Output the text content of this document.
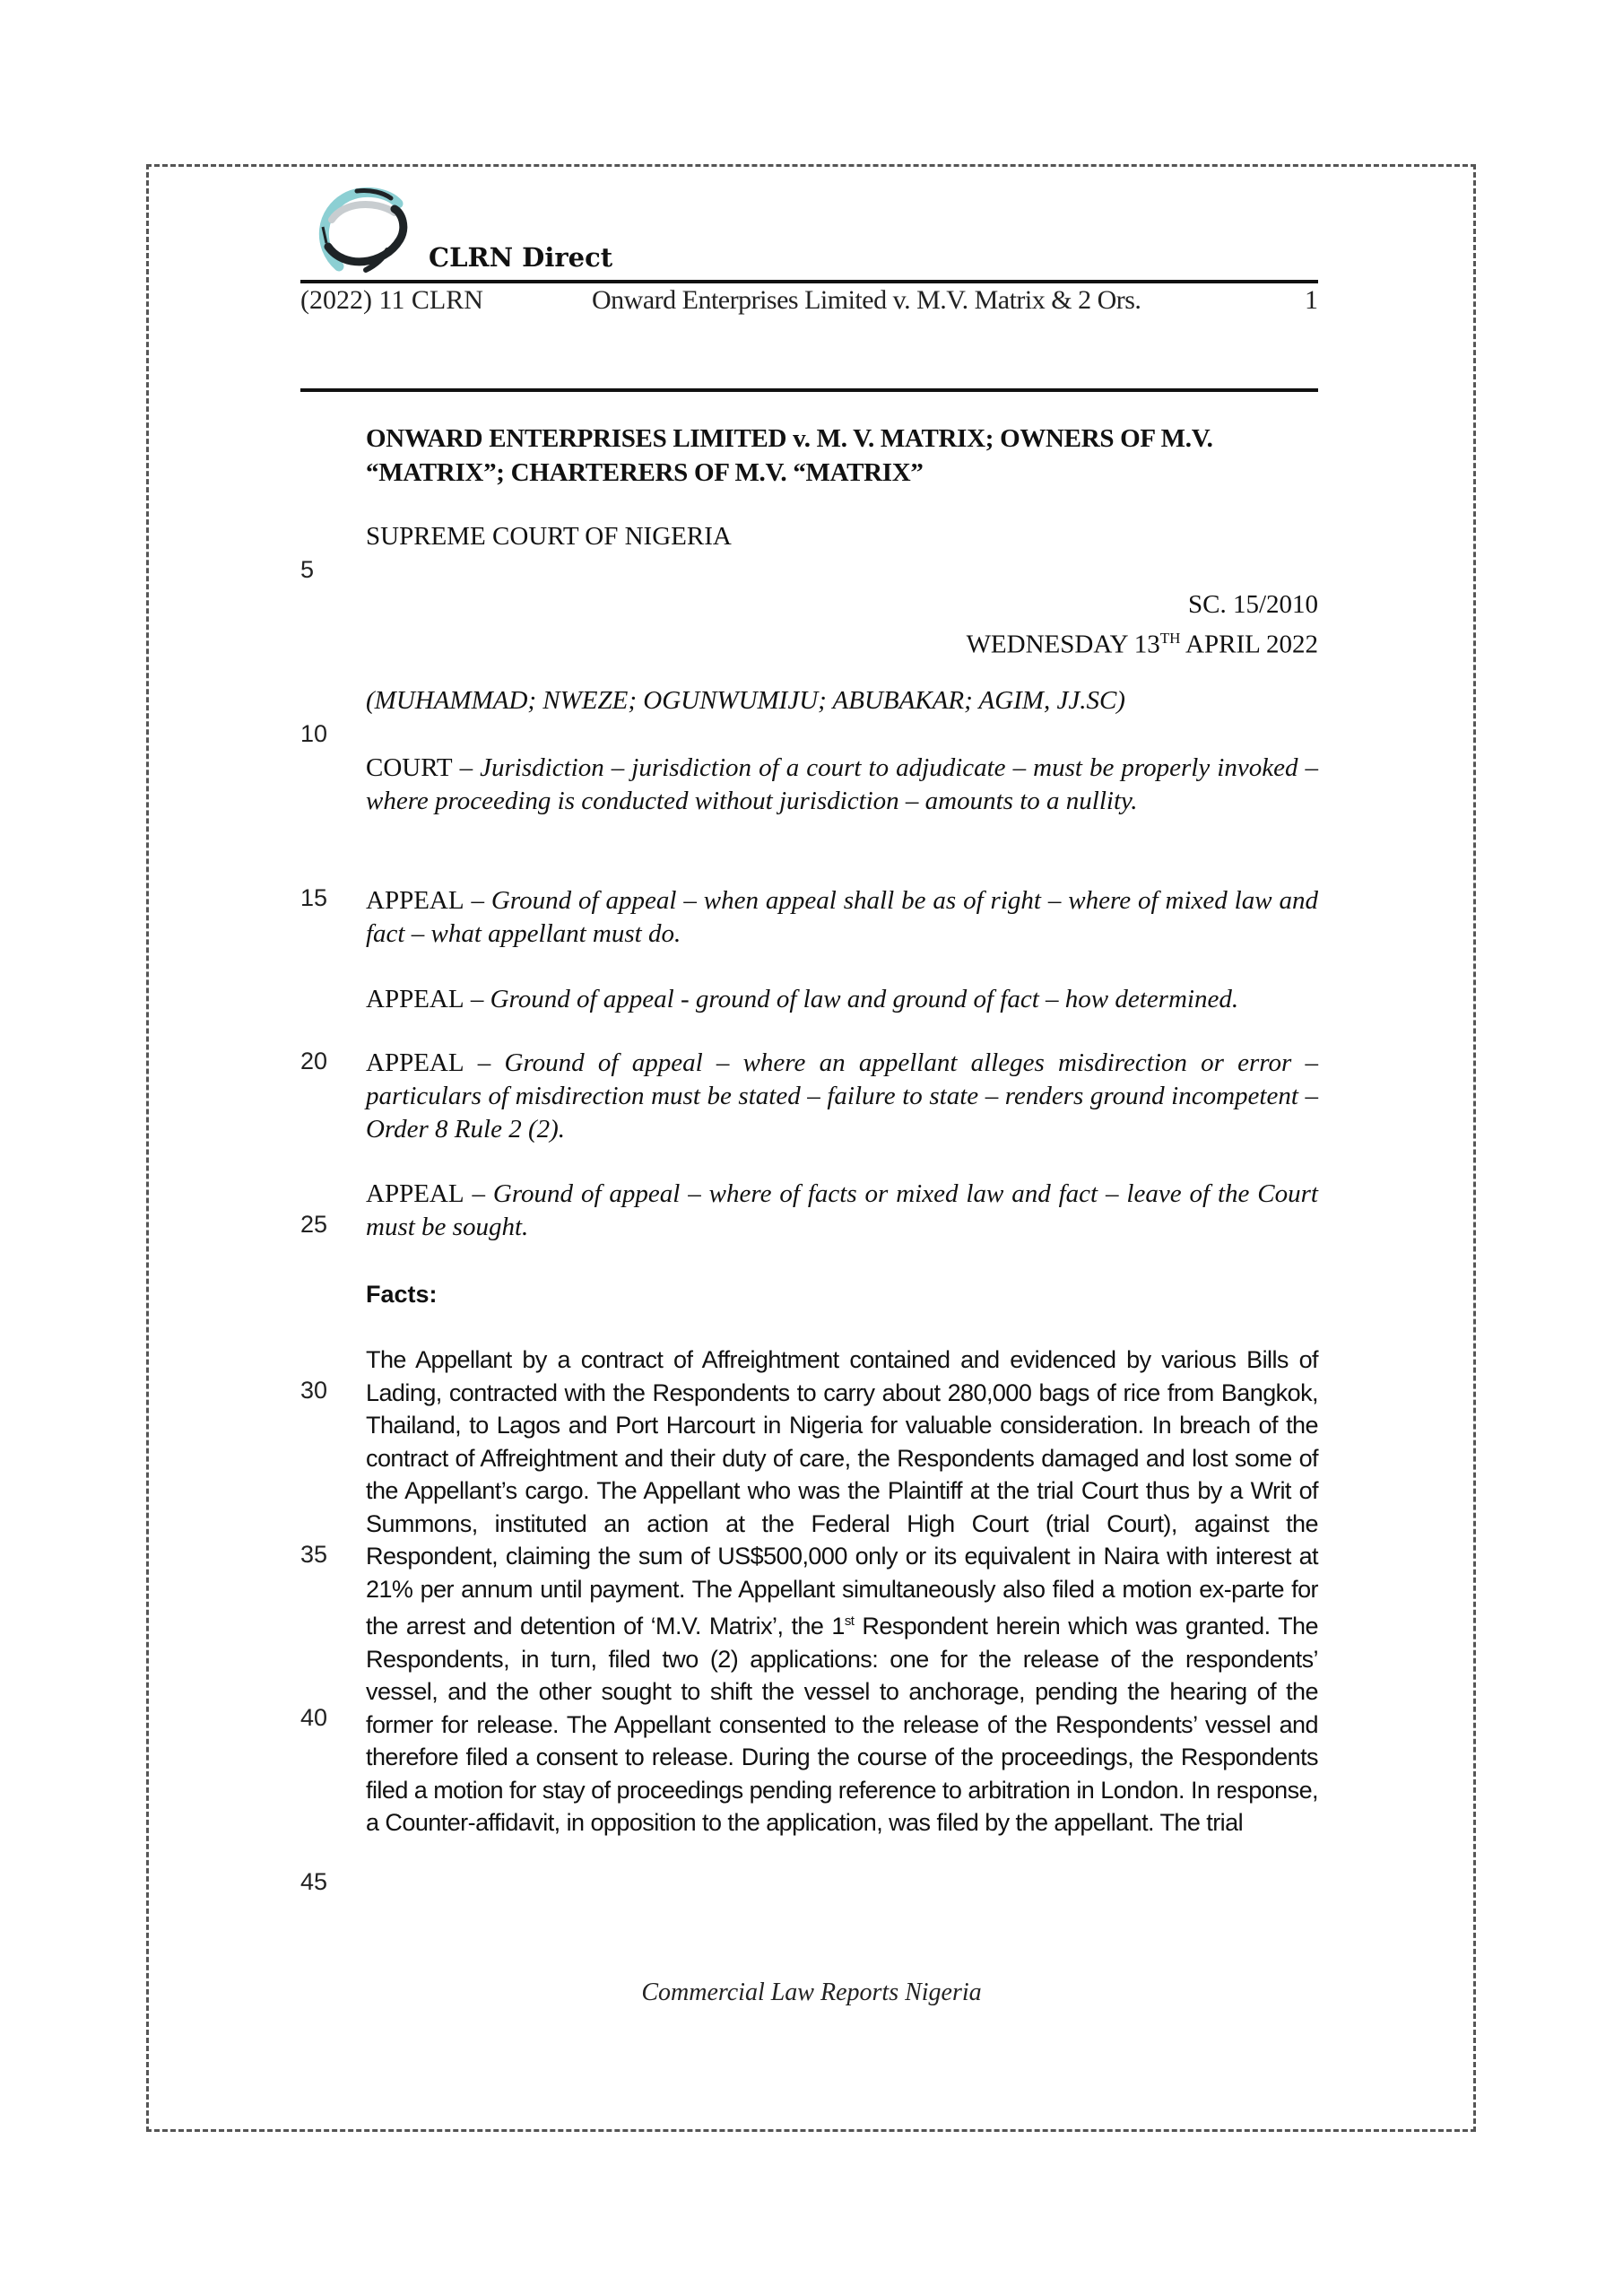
CLRN Direct
(2022) 11 CLRN	Onward Enterprises Limited v. M.V. Matrix & 2 Ors.	1
ONWARD ENTERPRISES LIMITED v. M. V. MATRIX; OWNERS OF M.V. “MATRIX”; CHARTERERS OF M.V. “MATRIX”
SUPREME COURT OF NIGERIA
SC. 15/2010
WEDNESDAY 13TH APRIL 2022
(MUHAMMAD; NWEZE; OGUNWUMIJU; ABUBAKAR; AGIM, JJ.SC)
COURT – Jurisdiction – jurisdiction of a court to adjudicate – must be properly invoked – where proceeding is conducted without jurisdiction – amounts to a nullity.
APPEAL – Ground of appeal – when appeal shall be as of right – where of mixed law and fact – what appellant must do.
APPEAL – Ground of appeal - ground of law and ground of fact – how determined.
APPEAL – Ground of appeal – where an appellant alleges misdirection or error – particulars of misdirection must be stated – failure to state – renders ground incompetent – Order 8 Rule 2 (2).
APPEAL – Ground of appeal – where of facts or mixed law and fact – leave of the Court must be sought.
Facts:
The Appellant by a contract of Affreightment contained and evidenced by various Bills of Lading, contracted with the Respondents to carry about 280,000 bags of rice from Bangkok, Thailand, to Lagos and Port Harcourt in Nigeria for valuable consideration. In breach of the contract of Affreightment and their duty of care, the Respondents damaged and lost some of the Appellant’s cargo. The Appellant who was the Plaintiff at the trial Court thus by a Writ of Summons, instituted an action at the Federal High Court (trial Court), against the Respondent, claiming the sum of US$500,000 only or its equivalent in Naira with interest at 21% per annum until payment. The Appellant simultaneously also filed a motion ex-parte for the arrest and detention of ‘M.V. Matrix’, the 1st Respondent herein which was granted. The Respondents, in turn, filed two (2) applications: one for the release of the respondents’ vessel, and the other sought to shift the vessel to anchorage, pending the hearing of the former for release. The Appellant consented to the release of the Respondents’ vessel and therefore filed a consent to release. During the course of the proceedings, the Respondents filed a motion for stay of proceedings pending reference to arbitration in London. In response, a Counter-affidavit, in opposition to the application, was filed by the appellant. The trial
5
10
15
20
25
30
35
40
45
Commercial Law Reports Nigeria
